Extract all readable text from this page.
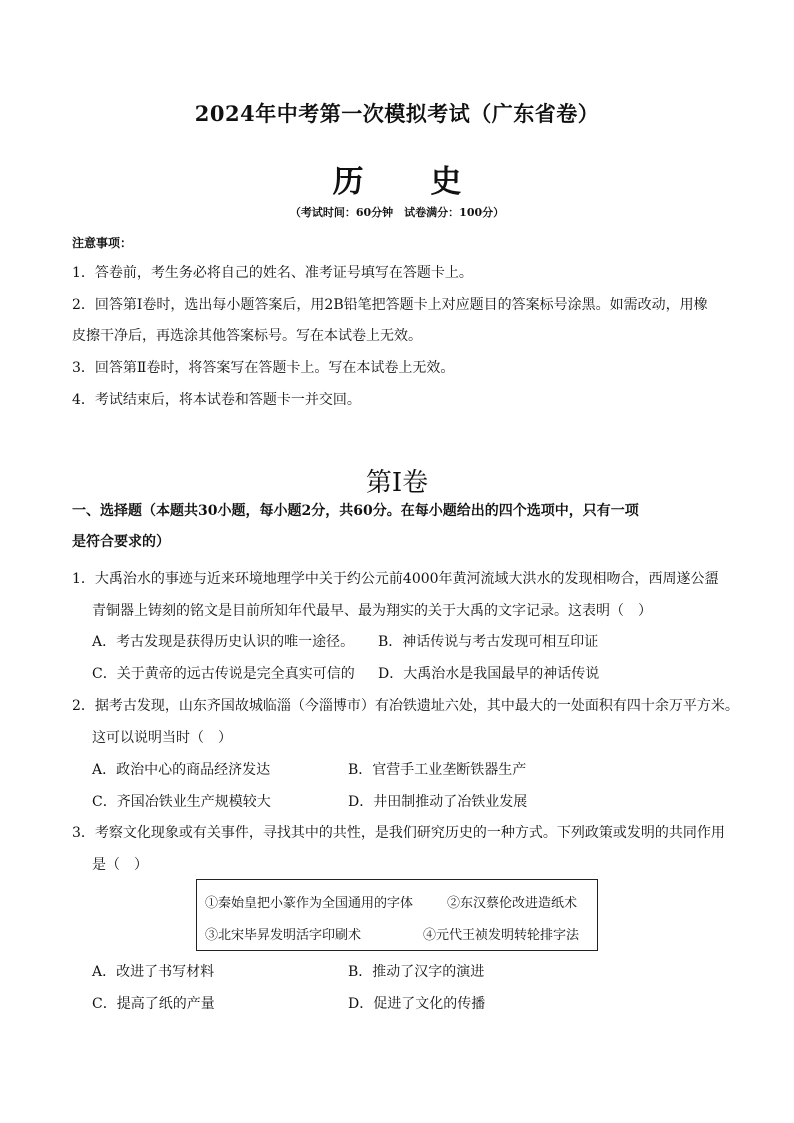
2024年中考第一次模拟考试（广东省卷）
历 史
（考试时间：60分钟　试卷满分：100分）
注意事项：
1．答卷前，考生务必将自己的姓名、准考证号填写在答题卡上。
2．回答第Ⅰ卷时，选出每小题答案后，用2B铅笔把答题卡上对应题目的答案标号涂黑。如需改动，用橡
皮擦干净后，再选涂其他答案标号。写在本试卷上无效。
3．回答第Ⅱ卷时，将答案写在答题卡上。写在本试卷上无效。
4．考试结束后，将本试卷和答题卡一并交回。
第Ⅰ卷
一、选择题（本题共30小题，每小题2分，共60分。在每小题给出的四个选项中，只有一项
是符合要求的）
1．大禹治水的事迹与近来环境地理学中关于约公元前4000年黄河流域大洪水的发现相吻合，西周遂公盨
青铜器上铸刻的铭文是目前所知年代最早、最为翔实的关于大禹的文字记录。这表明（　）
A．考古发现是获得历史认识的唯一途径。 B．神话传说与考古发现可相互印证
C．关于黄帝的远古传说是完全真实可信的 D．大禹治水是我国最早的神话传说
2．据考古发现，山东齐国故城临淄（今淄博市）有冶铁遗址六处，其中最大的一处面积有四十余万平方米。
这可以说明当时（　）
A．政治中心的商品经济发达	B．官营手工业垄断铁器生产
C．齐国冶铁业生产规模较大	D．井田制推动了冶铁业发展
3．考察文化现象或有关事件，寻找其中的共性，是我们研究历史的一种方式。下列政策或发明的共同作用
是（　）
①秦始皇把小篆作为全国通用的字体	②东汉蔡伦改进造纸术
③北宋毕昇发明活字印刷术	④元代王祯发明转轮排字法
A．改进了书写材料	B．推动了汉字的演进
C．提高了纸的产量	D．促进了文化的传播
